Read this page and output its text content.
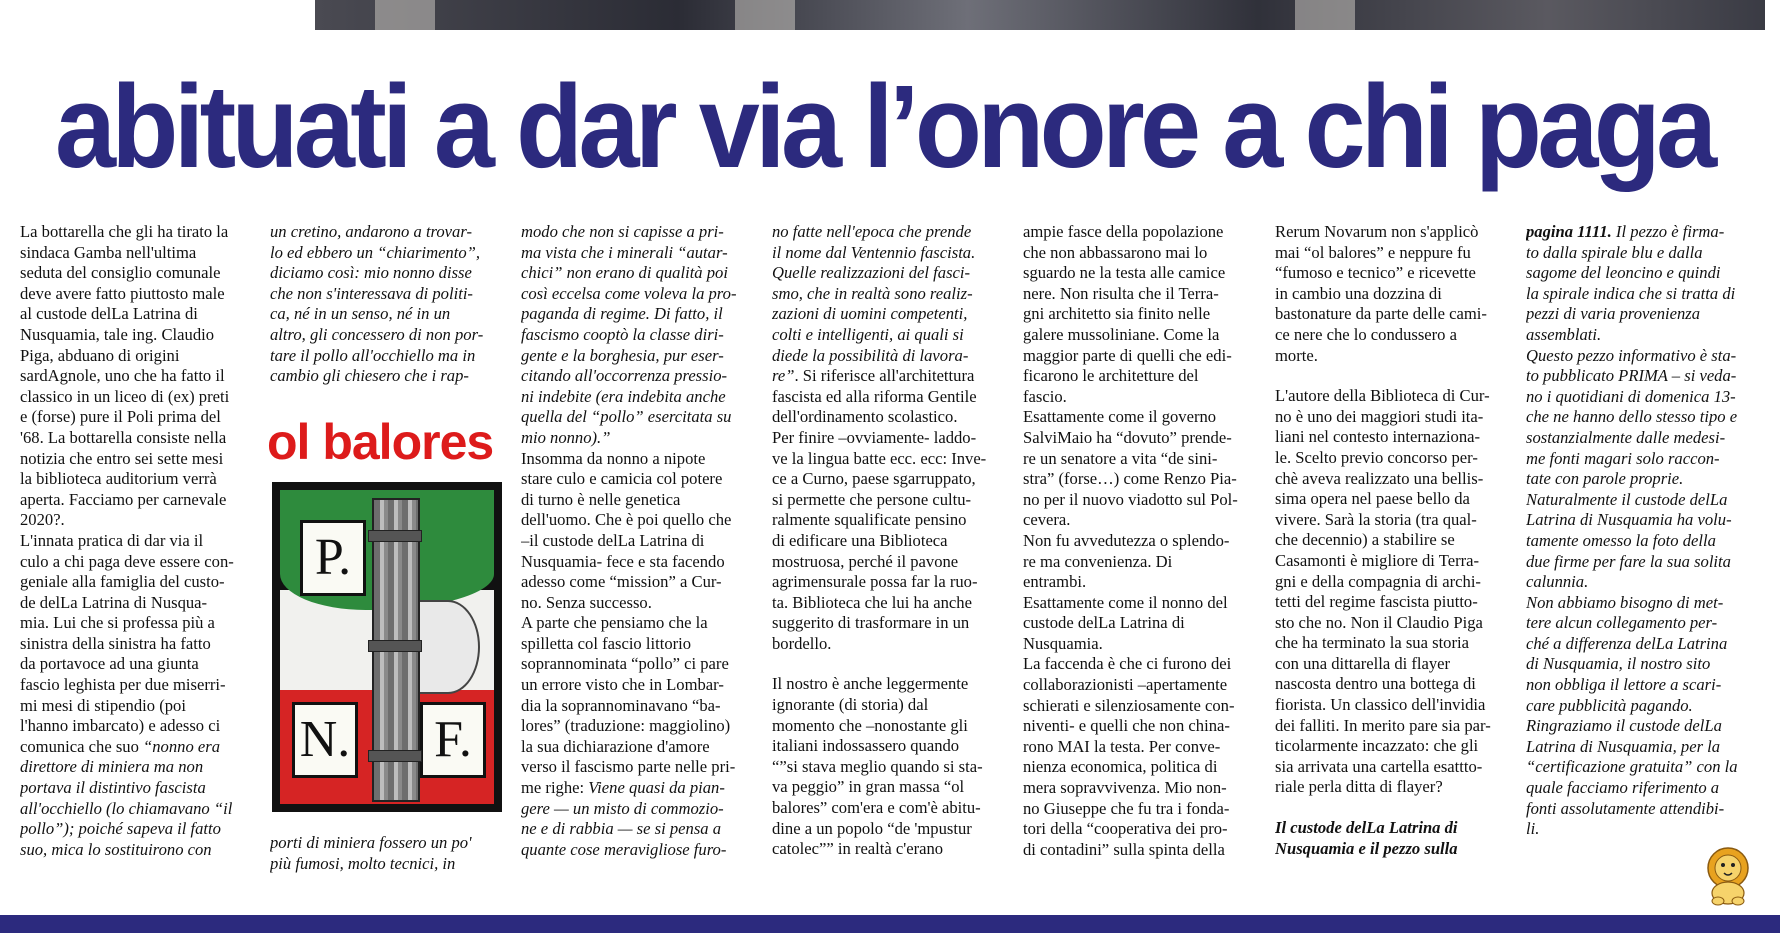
abituati a dar via l’onore a chi paga

La bottarella che gli ha tirato la
sindaca Gamba nell'ultima
seduta del consiglio comunale
deve avere fatto piuttosto male
al custode delLa Latrina di
Nusquamia, tale ing. Claudio
Piga, abduano di origini
sardAgnole, uno che ha fatto il
classico in un liceo di (ex) preti
e (forse) pure il Poli prima del
'68. La bottarella consiste nella
notizia che entro sei sette mesi
la biblioteca auditorium verrà
aperta. Facciamo per carnevale
2020?.
L'innata pratica di dar via il
culo a chi paga deve essere con-
geniale alla famiglia del custo-
de delLa Latrina di Nusqua-
mia. Lui che si professa più a
sinistra della sinistra ha fatto
da portavoce ad una giunta
fascio leghista per due miserri-
mi mesi di stipendio (poi
l'hanno imbarcato) e adesso ci
comunica che suo “nonno era
direttore di miniera ma non
portava il distintivo fascista
all'occhiello (lo chiamavano “il
pollo”); poiché sapeva il fatto
suo, mica lo sostituirono con

un cretino, andarono a trovar-
lo ed ebbero un “chiarimento”,
diciamo così: mio nonno disse
che non s'interessava di politi-
ca, né in un senso, né in un
altro, gli concessero di non por-
tare il pollo all'occhiello ma in
cambio gli chiesero che i rap-

ol balores
P.
N. F.

porti di miniera fossero un po'
più fumosi, molto tecnici, in

modo che non si capisse a pri-
ma vista che i minerali “autar-
chici” non erano di qualità poi
così eccelsa come voleva la pro-
paganda di regime. Di fatto, il
fascismo cooptò la classe diri-
gente e la borghesia, pur eser-
citando all'occorrenza pressio-
ni indebite (era indebita anche
quella del “pollo” esercitata su
mio nonno).”
Insomma da nonno a nipote
stare culo e camicia col potere
di turno è nelle genetica
dell'uomo. Che è poi quello che
–il custode delLa Latrina di
Nusquamia- fece e sta facendo
adesso come “mission” a Cur-
no. Senza successo.
A parte che pensiamo che la
spilletta col fascio littorio
soprannominata “pollo” ci pare
un errore visto che in Lombar-
dia la soprannominavano “ba-
lores” (traduzione: maggiolino)
la sua dichiarazione d'amore
verso il fascismo parte nelle pri-
me righe: Viene quasi da pian-
gere — un misto di commozio-
ne e di rabbia — se si pensa a
quante cose meravigliose furo-

no fatte nell'epoca che prende
il nome dal Ventennio fascista.
Quelle realizzazioni del fasci-
smo, che in realtà sono realiz-
zazioni di uomini competenti,
colti e intelligenti, ai quali si
diede la possibilità di lavora-
re”. Si riferisce all'architettura
fascista ed alla riforma Gentile
dell'ordinamento scolastico.
Per finire –ovviamente- laddo-
ve la lingua batte ecc. ecc: Inve-
ce a Curno, paese sgarruppato,
si permette che persone cultu-
ralmente squalificate pensino
di edificare una Biblioteca
mostruosa, perché il pavone
agrimensurale possa far la ruo-
ta. Biblioteca che lui ha anche
suggerito di trasformare in un
bordello.

Il nostro è anche leggermente
ignorante (di storia) dal
momento che –nonostante gli
italiani indossassero quando
“”si stava meglio quando si sta-
va peggio” in gran massa “ol
balores” com'era e com'è abitu-
dine a un popolo “de 'mpustur
catolec”” in realtà c'erano

ampie fasce della popolazione
che non abbassarono mai lo
sguardo ne la testa alle camice
nere. Non risulta che il Terra-
gni architetto sia finito nelle
galere mussoliniane. Come la
maggior parte di quelli che edi-
ficarono le architetture del
fascio.
Esattamente come il governo
SalviMaio ha “dovuto” prende-
re un senatore a vita “de sini-
stra” (forse…) come Renzo Pia-
no per il nuovo viadotto sul Pol-
cevera.
Non fu avvedutezza o splendo-
re ma convenienza. Di
entrambi.
Esattamente come il nonno del
custode delLa Latrina di
Nusquamia.
La faccenda è che ci furono dei
collaborazionisti –apertamente
schierati e silenziosamente con-
niventi- e quelli che non china-
rono MAI la testa. Per conve-
nienza economica, politica di
mera sopravvivenza. Mio non-
no Giuseppe che fu tra i fonda-
tori della “cooperativa dei pro-
di contadini” sulla spinta della

Rerum Novarum non s'applicò
mai “ol balores” e neppure fu
“fumoso e tecnico” e ricevette
in cambio una dozzina di
bastonature da parte delle cami-
ce nere che lo condussero a
morte.

L'autore della Biblioteca di Cur-
no è uno dei maggiori studi ita-
liani nel contesto internaziona-
le. Scelto previo concorso per-
chè aveva realizzato una bellis-
sima opera nel paese bello da
vivere. Sarà la storia (tra qual-
che decennio) a stabilire se
Casamonti è migliore di Terra-
gni e della compagnia di archi-
tetti del regime fascista piutto-
sto che no. Non il Claudio Piga
che ha terminato la sua storia
con una dittarella di flayer
nascosta dentro una bottega di
fiorista. Un classico dell'invidia
dei falliti. In merito pare sia par-
ticolarmente incazzato: che gli
sia arrivata una cartella esattto-
riale perla ditta di flayer?

Il custode delLa Latrina di
Nusquamia e il pezzo sulla

pagina 1111. Il pezzo è firma-
to dalla spirale blu e dalla
sagome del leoncino e quindi
la spirale indica che si tratta di
pezzi di varia provenienza
assemblati.
Questo pezzo informativo è sta-
to pubblicato PRIMA – si veda-
no i quotidiani di domenica 13-
che ne hanno dello stesso tipo e
sostanzialmente dalle medesi-
me fonti magari solo raccon-
tate con parole proprie.
Naturalmente il custode delLa
Latrina di Nusquamia ha volu-
tamente omesso la foto della
due firme per fare la sua solita
calunnia.
Non abbiamo bisogno di met-
tere alcun collegamento per-
ché a differenza delLa Latrina
di Nusquamia, il nostro sito
non obbliga il lettore a scari-
care pubblicità pagando.
Ringraziamo il custode delLa
Latrina di Nusquamia, per la
“certificazione gratuita” con la
quale facciamo riferimento a
fonti assolutamente attendibi-
li.
